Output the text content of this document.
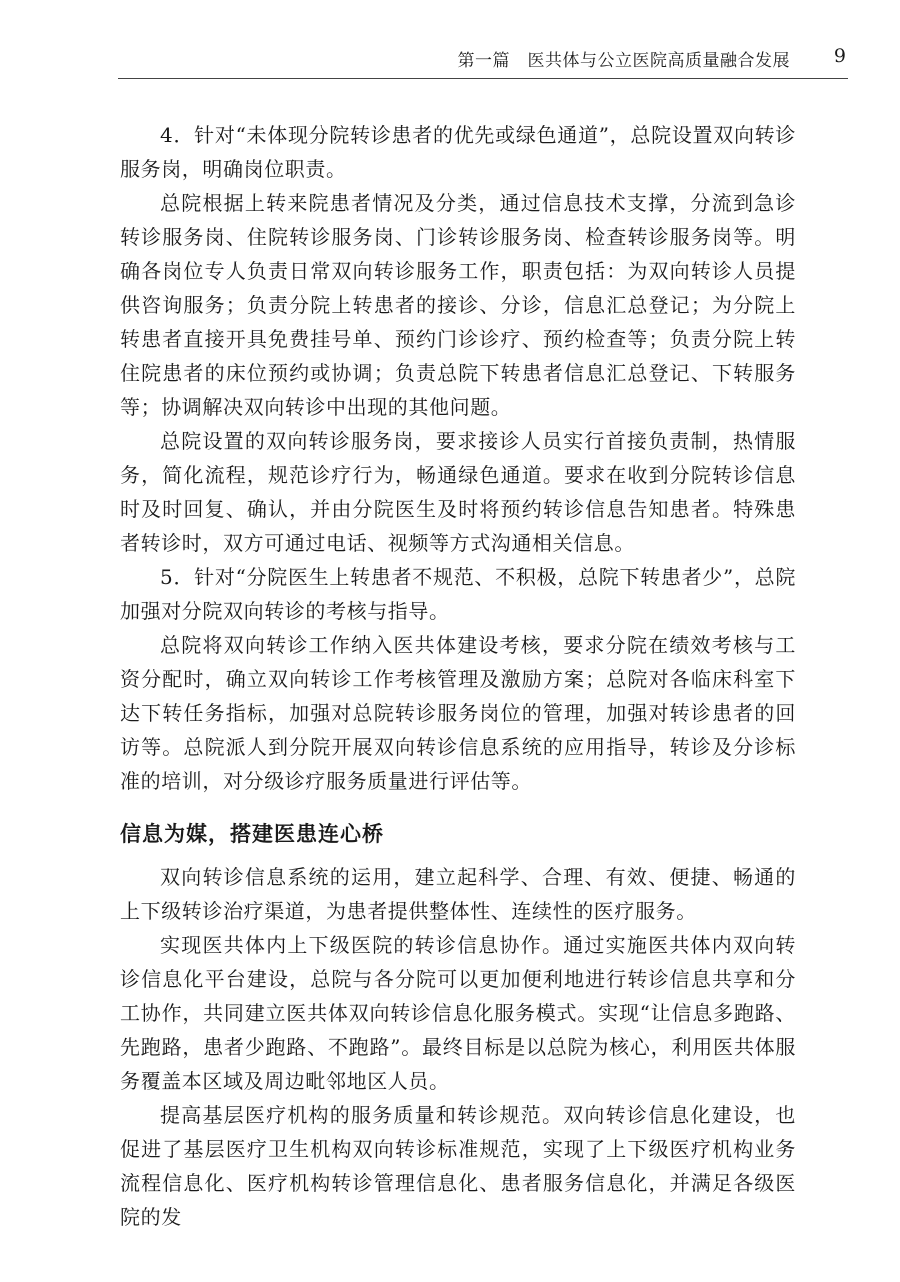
第一篇　医共体与公立医院高质量融合发展 9

4．针对“未体现分院转诊患者的优先或绿色通道”，总院设置双向转诊服务岗，明确岗位职责。

总院根据上转来院患者情况及分类，通过信息技术支撑，分流到急诊转诊服务岗、住院转诊服务岗、门诊转诊服务岗、检查转诊服务岗等。明确各岗位专人负责日常双向转诊服务工作，职责包括：为双向转诊人员提供咨询服务；负责分院上转患者的接诊、分诊，信息汇总登记；为分院上转患者直接开具免费挂号单、预约门诊诊疗、预约检查等；负责分院上转住院患者的床位预约或协调；负责总院下转患者信息汇总登记、下转服务等；协调解决双向转诊中出现的其他问题。

总院设置的双向转诊服务岗，要求接诊人员实行首接负责制，热情服务，简化流程，规范诊疗行为，畅通绿色通道。要求在收到分院转诊信息时及时回复、确认，并由分院医生及时将预约转诊信息告知患者。特殊患者转诊时，双方可通过电话、视频等方式沟通相关信息。

5．针对“分院医生上转患者不规范、不积极，总院下转患者少”，总院加强对分院双向转诊的考核与指导。

总院将双向转诊工作纳入医共体建设考核，要求分院在绩效考核与工资分配时，确立双向转诊工作考核管理及激励方案；总院对各临床科室下达下转任务指标，加强对总院转诊服务岗位的管理，加强对转诊患者的回访等。总院派人到分院开展双向转诊信息系统的应用指导，转诊及分诊标准的培训，对分级诊疗服务质量进行评估等。

信息为媒，搭建医患连心桥

双向转诊信息系统的运用，建立起科学、合理、有效、便捷、畅通的上下级转诊治疗渠道，为患者提供整体性、连续性的医疗服务。

实现医共体内上下级医院的转诊信息协作。通过实施医共体内双向转诊信息化平台建设，总院与各分院可以更加便利地进行转诊信息共享和分工协作，共同建立医共体双向转诊信息化服务模式。实现“让信息多跑路、先跑路，患者少跑路、不跑路”。最终目标是以总院为核心，利用医共体服务覆盖本区域及周边毗邻地区人员。

提高基层医疗机构的服务质量和转诊规范。双向转诊信息化建设，也促进了基层医疗卫生机构双向转诊标准规范，实现了上下级医疗机构业务流程信息化、医疗机构转诊管理信息化、患者服务信息化，并满足各级医院的发
